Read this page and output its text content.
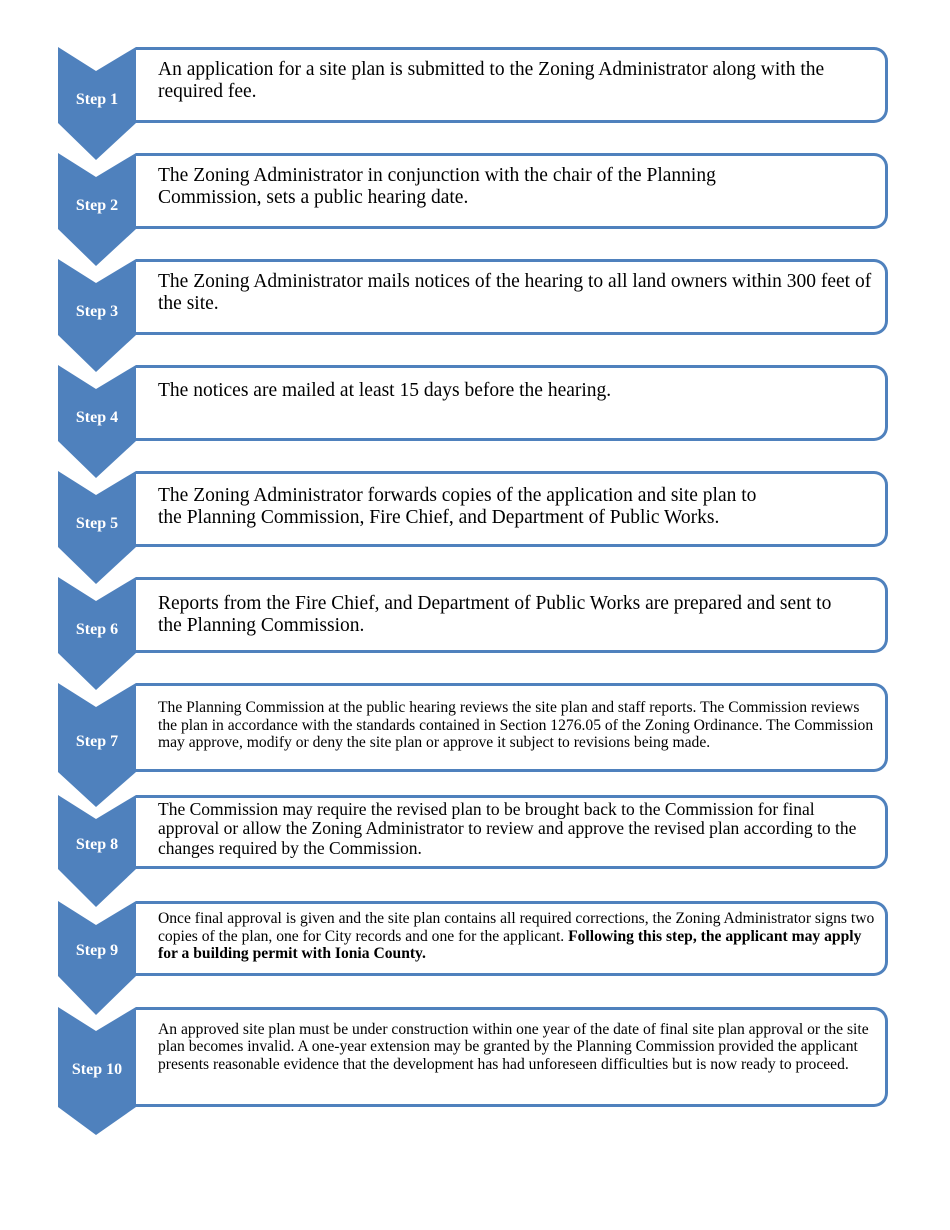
Step 1
Step 2
Step 3
Step 4
Step 5
Step 6
Step 7
Step 8
Step 9
Step 10
An application for a site plan is submitted to the Zoning Administrator along with the required fee.
The Zoning Administrator in conjunction with the chair of the Planning Commission, sets a public hearing date.
The Zoning Administrator mails notices of the hearing to all land owners within 300 feet of the site.
The notices are mailed at least 15 days before the hearing.
The Zoning Administrator forwards copies of the application and site plan to the Planning Commission, Fire Chief, and Department of Public Works.
Reports from the Fire Chief, and Department of Public Works are prepared and sent to the Planning Commission.
The Planning Commission at the public hearing reviews the site plan and staff reports. The Commission reviews the plan in accordance with the standards contained in Section 1276.05 of the Zoning Ordinance. The Commission may approve, modify or deny the site plan or approve it subject to revisions being made.
The Commission may require the revised plan to be brought back to the Commission for final approval or allow the Zoning Administrator to review and approve the revised plan according to the changes required by the Commission.
Once final approval is given and the site plan contains all required corrections, the Zoning Administrator signs two copies of the plan, one for City records and one for the applicant. Following this step, the applicant may apply for a building permit with Ionia County.
An approved site plan must be under construction within one year of the date of final site plan approval or the site plan becomes invalid. A one-year extension may be granted by the Planning Commission provided the applicant presents reasonable evidence that the development has had unforeseen difficulties but is now ready to proceed.
